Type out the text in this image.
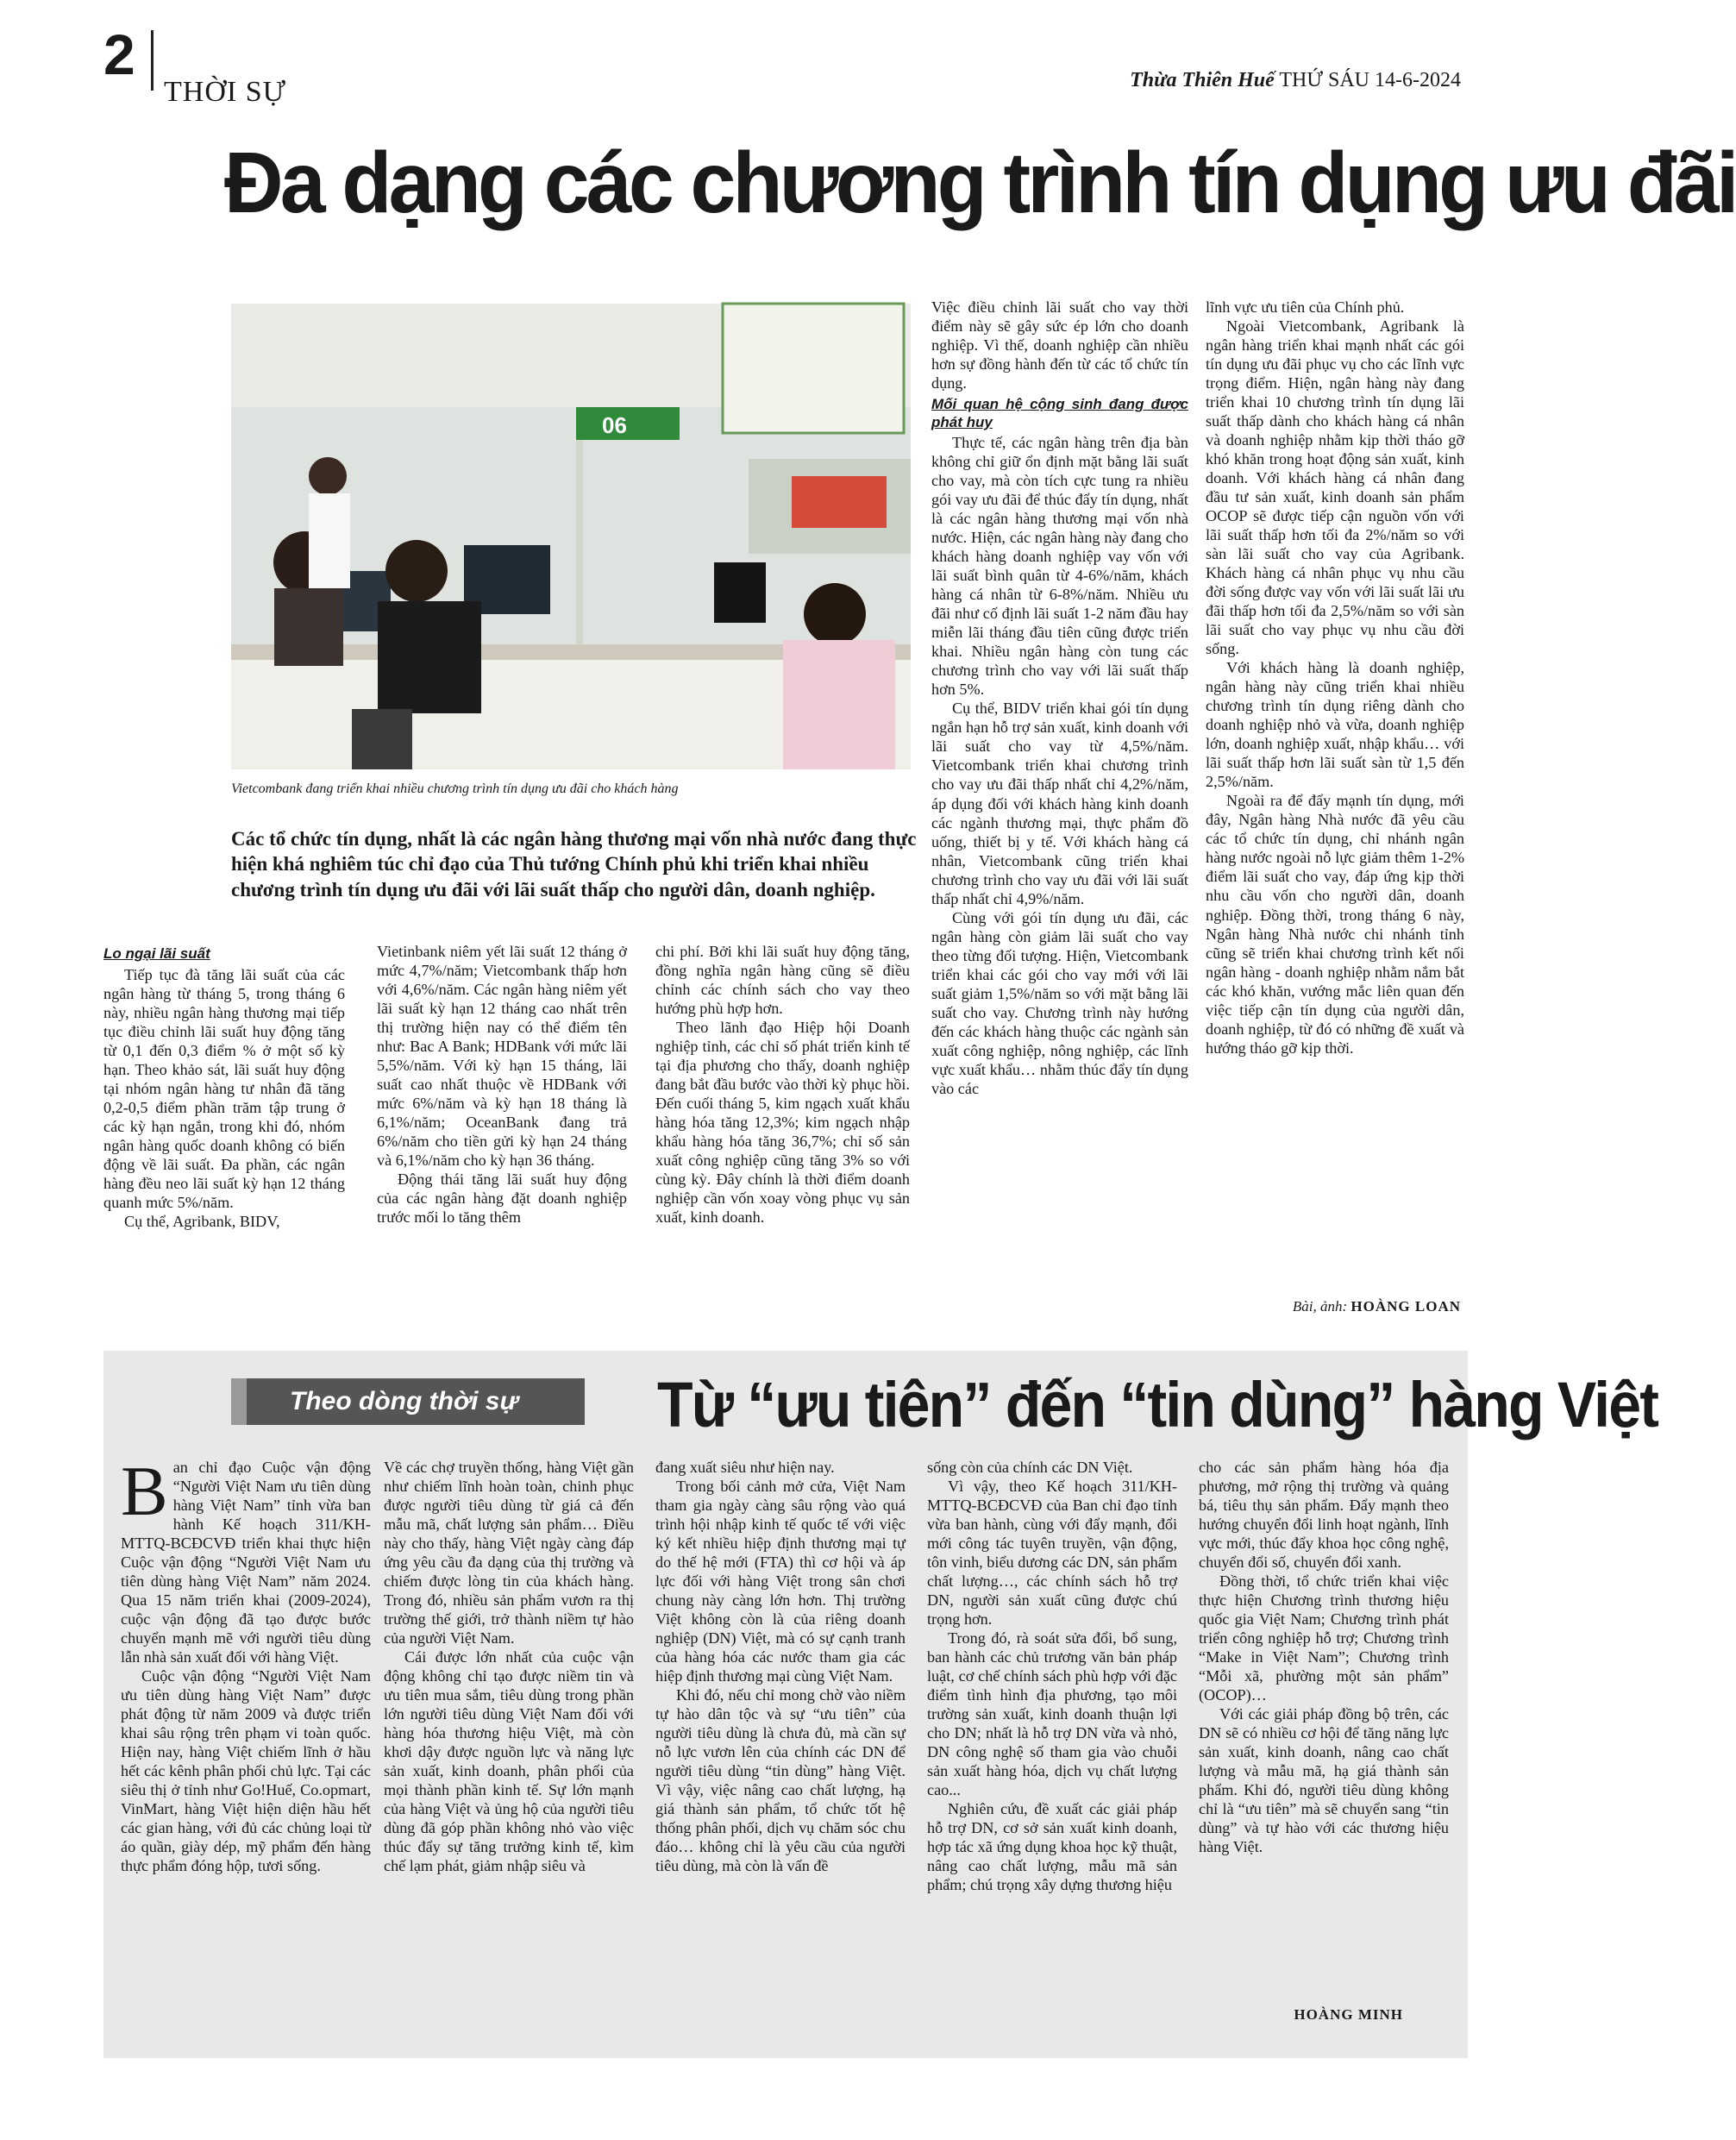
2
THỜI SỰ	Thừa Thiên Huế THỨ SÁU 14-6-2024
Đa dạng các chương trình tín dụng ưu đãi
06
Vietcombank đang triển khai nhiều chương trình tín dụng ưu đãi cho khách hàng
Các tổ chức tín dụng, nhất là các ngân hàng thương mại vốn nhà nước đang thực hiện khá nghiêm túc chỉ đạo của Thủ tướng Chính phủ khi triển khai nhiều chương trình tín dụng ưu đãi với lãi suất thấp cho người dân, doanh nghiệp.
Lo ngại lãi suất

Tiếp tục đà tăng lãi suất của các ngân hàng từ tháng 5, trong tháng 6 này, nhiều ngân hàng thương mại tiếp tục điều chỉnh lãi suất huy động tăng từ 0,1 đến 0,3 điểm % ở một số kỳ hạn. Theo khảo sát, lãi suất huy động tại nhóm ngân hàng tư nhân đã tăng 0,2-0,5 điểm phần trăm tập trung ở các kỳ hạn ngắn, trong khi đó, nhóm ngân hàng quốc doanh không có biến động về lãi suất. Đa phần, các ngân hàng đều neo lãi suất kỳ hạn 12 tháng quanh mức 5%/năm.

Cụ thể, Agribank, BIDV,

Vietinbank niêm yết lãi suất 12 tháng ở mức 4,7%/năm; Vietcombank thấp hơn với 4,6%/năm. Các ngân hàng niêm yết lãi suất kỳ hạn 12 tháng cao nhất trên thị trường hiện nay có thể điểm tên như: Bac A Bank; HDBank với mức lãi 5,5%/năm. Với kỳ hạn 15 tháng, lãi suất cao nhất thuộc về HDBank với mức 6%/năm và kỳ hạn 18 tháng là 6,1%/năm; OceanBank đang trả 6%/năm cho tiền gửi kỳ hạn 24 tháng và 6,1%/năm cho kỳ hạn 36 tháng.

Động thái tăng lãi suất huy động của các ngân hàng đặt doanh nghiệp trước mối lo tăng thêm

chi phí. Bởi khi lãi suất huy động tăng, đồng nghĩa ngân hàng cũng sẽ điều chỉnh các chính sách cho vay theo hướng phù hợp hơn.

Theo lãnh đạo Hiệp hội Doanh nghiệp tỉnh, các chỉ số phát triển kinh tế tại địa phương cho thấy, doanh nghiệp đang bắt đầu bước vào thời kỳ phục hồi. Đến cuối tháng 5, kim ngạch xuất khẩu hàng hóa tăng 12,3%; kim ngạch nhập khẩu hàng hóa tăng 36,7%; chỉ số sản xuất công nghiệp cũng tăng 3% so với cùng kỳ. Đây chính là thời điểm doanh nghiệp cần vốn xoay vòng phục vụ sản xuất, kinh doanh.

Việc điều chỉnh lãi suất cho vay thời điểm này sẽ gây sức ép lớn cho doanh nghiệp. Vì thế, doanh nghiệp cần nhiều hơn sự đồng hành đến từ các tổ chức tín dụng.

Mối quan hệ cộng sinh đang được phát huy

Thực tế, các ngân hàng trên địa bàn không chỉ giữ ổn định mặt bằng lãi suất cho vay, mà còn tích cực tung ra nhiều gói vay ưu đãi để thúc đẩy tín dụng, nhất là các ngân hàng thương mại vốn nhà nước. Hiện, các ngân hàng này đang cho khách hàng doanh nghiệp vay vốn với lãi suất bình quân từ 4-6%/năm, khách hàng cá nhân từ 6-8%/năm. Nhiều ưu đãi như cố định lãi suất 1-2 năm đầu hay miễn lãi tháng đầu tiên cũng được triển khai. Nhiều ngân hàng còn tung các chương trình cho vay với lãi suất thấp hơn 5%.

Cụ thể, BIDV triển khai gói tín dụng ngắn hạn hỗ trợ sản xuất, kinh doanh với lãi suất cho vay từ 4,5%/năm. Vietcombank triển khai chương trình cho vay ưu đãi thấp nhất chỉ 4,2%/năm, áp dụng đối với khách hàng kinh doanh các ngành thương mại, thực phẩm đồ uống, thiết bị y tế. Với khách hàng cá nhân, Vietcombank cũng triển khai chương trình cho vay ưu đãi với lãi suất thấp nhất chỉ 4,9%/năm.

Cùng với gói tín dụng ưu đãi, các ngân hàng còn giảm lãi suất cho vay theo từng đối tượng. Hiện, Vietcombank triển khai các gói cho vay mới với lãi suất giảm 1,5%/năm so với mặt bằng lãi suất cho vay. Chương trình này hướng đến các khách hàng thuộc các ngành sản xuất công nghiệp, nông nghiệp, các lĩnh vực xuất khẩu… nhằm thúc đẩy tín dụng vào các

lĩnh vực ưu tiên của Chính phủ.

Ngoài Vietcombank, Agribank là ngân hàng triển khai mạnh nhất các gói tín dụng ưu đãi phục vụ cho các lĩnh vực trọng điểm. Hiện, ngân hàng này đang triển khai 10 chương trình tín dụng lãi suất thấp dành cho khách hàng cá nhân và doanh nghiệp nhằm kịp thời tháo gỡ khó khăn trong hoạt động sản xuất, kinh doanh. Với khách hàng cá nhân đang đầu tư sản xuất, kinh doanh sản phẩm OCOP sẽ được tiếp cận nguồn vốn với lãi suất thấp hơn tối đa 2%/năm so với sàn lãi suất cho vay của Agribank. Khách hàng cá nhân phục vụ nhu cầu đời sống được vay vốn với lãi suất lãi ưu đãi thấp hơn tối đa 2,5%/năm so với sàn lãi suất cho vay phục vụ nhu cầu đời sống.

Với khách hàng là doanh nghiệp, ngân hàng này cũng triển khai nhiều chương trình tín dụng riêng dành cho doanh nghiệp nhỏ và vừa, doanh nghiệp lớn, doanh nghiệp xuất, nhập khẩu… với lãi suất thấp hơn lãi suất sàn từ 1,5 đến 2,5%/năm.

Ngoài ra để đẩy mạnh tín dụng, mới đây, Ngân hàng Nhà nước đã yêu cầu các tổ chức tín dụng, chỉ nhánh ngân hàng nước ngoài nỗ lực giảm thêm 1-2% điểm lãi suất cho vay, đáp ứng kịp thời nhu cầu vốn cho người dân, doanh nghiệp. Đồng thời, trong tháng 6 này, Ngân hàng Nhà nước chi nhánh tỉnh cũng sẽ triển khai chương trình kết nối ngân hàng - doanh nghiệp nhằm nắm bắt các khó khăn, vướng mắc liên quan đến việc tiếp cận tín dụng của người dân, doanh nghiệp, từ đó có những đề xuất và hướng tháo gỡ kịp thời.

Bài, ảnh: HOÀNG LOAN
Theo dòng thời sự	Từ “ưu tiên” đến “tin dùng” hàng Việt

Ban chỉ đạo Cuộc vận động “Người Việt Nam ưu tiên dùng hàng Việt Nam” tỉnh vừa ban hành Kế hoạch 311/KH-MTTQ-BCĐCVĐ triển khai thực hiện Cuộc vận động “Người Việt Nam ưu tiên dùng hàng Việt Nam” năm 2024. Qua 15 năm triển khai (2009-2024), cuộc vận động đã tạo được bước chuyển mạnh mẽ với người tiêu dùng lẫn nhà sản xuất đối với hàng Việt.

Cuộc vận động “Người Việt Nam ưu tiên dùng hàng Việt Nam” được phát động từ năm 2009 và được triển khai sâu rộng trên phạm vi toàn quốc. Hiện nay, hàng Việt chiếm lĩnh ở hầu hết các kênh phân phối chủ lực. Tại các siêu thị ở tỉnh như Go!Huế, Co.opmart, VinMart, hàng Việt hiện diện hầu hết các gian hàng, với đủ các chủng loại từ áo quần, giày dép, mỹ phẩm đến hàng thực phẩm đóng hộp, tươi sống.

Về các chợ truyền thống, hàng Việt gần như chiếm lĩnh hoàn toàn, chinh phục được người tiêu dùng từ giá cả đến mẫu mã, chất lượng sản phẩm… Điều này cho thấy, hàng Việt ngày càng đáp ứng yêu cầu đa dạng của thị trường và chiếm được lòng tin của khách hàng. Trong đó, nhiều sản phẩm vươn ra thị trường thế giới, trở thành niềm tự hào của người Việt Nam.

Cái được lớn nhất của cuộc vận động không chỉ tạo được niềm tin và ưu tiên mua sắm, tiêu dùng trong phần lớn người tiêu dùng Việt Nam đối với hàng hóa thương hiệu Việt, mà còn khơi dậy được nguồn lực và năng lực sản xuất, kinh doanh, phân phối của mọi thành phần kinh tế. Sự lớn mạnh của hàng Việt và ủng hộ của người tiêu dùng đã góp phần không nhỏ vào việc thúc đẩy sự tăng trưởng kinh tế, kìm chế lạm phát, giảm nhập siêu và

đang xuất siêu như hiện nay.

Trong bối cảnh mở cửa, Việt Nam tham gia ngày càng sâu rộng vào quá trình hội nhập kinh tế quốc tế với việc ký kết nhiều hiệp định thương mại tự do thế hệ mới (FTA) thì cơ hội và áp lực đối với hàng Việt trong sân chơi chung này càng lớn hơn. Thị trường Việt không còn là của riêng doanh nghiệp (DN) Việt, mà có sự cạnh tranh của hàng hóa các nước tham gia các hiệp định thương mại cùng Việt Nam.

Khi đó, nếu chỉ mong chờ vào niềm tự hào dân tộc và sự “ưu tiên” của người tiêu dùng là chưa đủ, mà cần sự nỗ lực vươn lên của chính các DN để người tiêu dùng “tin dùng” hàng Việt. Vì vậy, việc nâng cao chất lượng, hạ giá thành sản phẩm, tổ chức tốt hệ thống phân phối, dịch vụ chăm sóc chu đáo… không chỉ là yêu cầu của người tiêu dùng, mà còn là vấn đề

sống còn của chính các DN Việt.

Vì vậy, theo Kế hoạch 311/KH-MTTQ-BCĐCVĐ của Ban chỉ đạo tỉnh vừa ban hành, cùng với đẩy mạnh, đổi mới công tác tuyên truyền, vận động, tôn vinh, biểu dương các DN, sản phẩm chất lượng…, các chính sách hỗ trợ DN, người sản xuất cũng được chú trọng hơn.

Trong đó, rà soát sửa đổi, bổ sung, ban hành các chủ trương văn bản pháp luật, cơ chế chính sách phù hợp với đặc điểm tình hình địa phương, tạo môi trường sản xuất, kinh doanh thuận lợi cho DN; nhất là hỗ trợ DN vừa và nhỏ, DN công nghệ số tham gia vào chuỗi sản xuất hàng hóa, dịch vụ chất lượng cao...

Nghiên cứu, đề xuất các giải pháp hỗ trợ DN, cơ sở sản xuất kinh doanh, hợp tác xã ứng dụng khoa học kỹ thuật, nâng cao chất lượng, mẫu mã sản phẩm; chú trọng xây dựng thương hiệu

cho các sản phẩm hàng hóa địa phương, mở rộng thị trường và quảng bá, tiêu thụ sản phẩm. Đẩy mạnh theo hướng chuyển đổi linh hoạt ngành, lĩnh vực mới, thúc đẩy khoa học công nghệ, chuyển đổi số, chuyển đổi xanh.

Đồng thời, tổ chức triển khai việc thực hiện Chương trình thương hiệu quốc gia Việt Nam; Chương trình phát triển công nghiệp hỗ trợ; Chương trình “Make in Việt Nam”; Chương trình “Mỗi xã, phường một sản phẩm” (OCOP)…

Với các giải pháp đồng bộ trên, các DN sẽ có nhiều cơ hội để tăng năng lực sản xuất, kinh doanh, nâng cao chất lượng và mẫu mã, hạ giá thành sản phẩm. Khi đó, người tiêu dùng không chỉ là “ưu tiên” mà sẽ chuyển sang “tin dùng” và tự hào với các thương hiệu hàng Việt.

HOÀNG MINH
